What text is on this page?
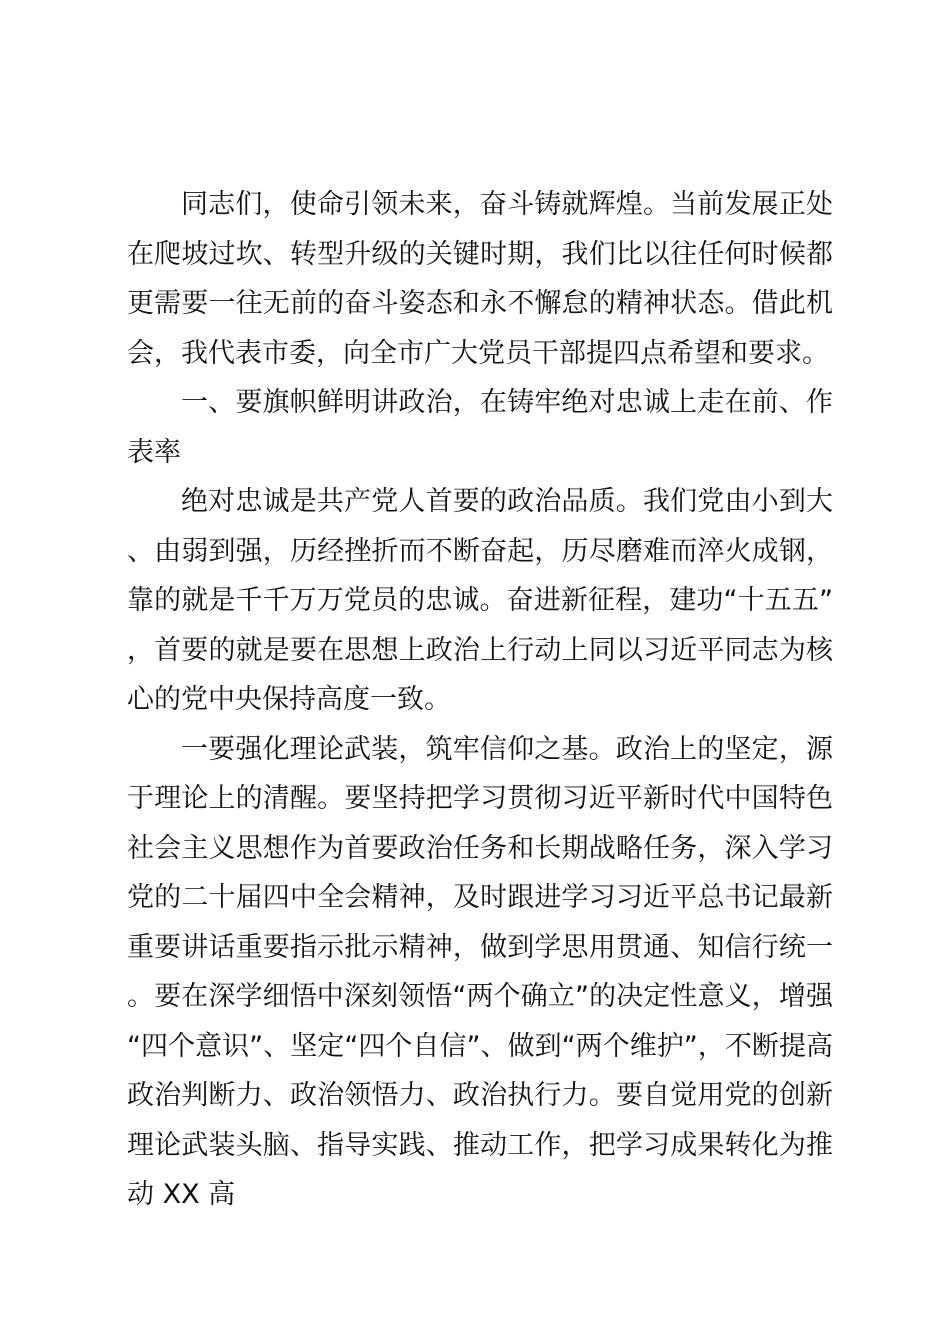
同志们，使命引领未来，奋斗铸就辉煌。当前发展正处在爬坡过坎、转型升级的关键时期，我们比以往任何时候都更需要一往无前的奋斗姿态和永不懈怠的精神状态。借此机会，我代表市委，向全市广大党员干部提四点希望和要求。

一、要旗帜鲜明讲政治，在铸牢绝对忠诚上走在前、作表率

绝对忠诚是共产党人首要的政治品质。我们党由小到大、由弱到强，历经挫折而不断奋起，历尽磨难而淬火成钢，靠的就是千千万万党员的忠诚。奋进新征程，建功“十五五”，首要的就是要在思想上政治上行动上同以习近平同志为核心的党中央保持高度一致。

一要强化理论武装，筑牢信仰之基。政治上的坚定，源于理论上的清醒。要坚持把学习贯彻习近平新时代中国特色社会主义思想作为首要政治任务和长期战略任务，深入学习党的二十届四中全会精神，及时跟进学习习近平总书记最新重要讲话重要指示批示精神，做到学思用贯通、知信行统一。要在深学细悟中深刻领悟“两个确立”的决定性意义，增强“四个意识”、坚定“四个自信”、做到“两个维护”，不断提高政治判断力、政治领悟力、政治执行力。要自觉用党的创新理论武装头脑、指导实践、推动工作，把学习成果转化为推动 XX 高
